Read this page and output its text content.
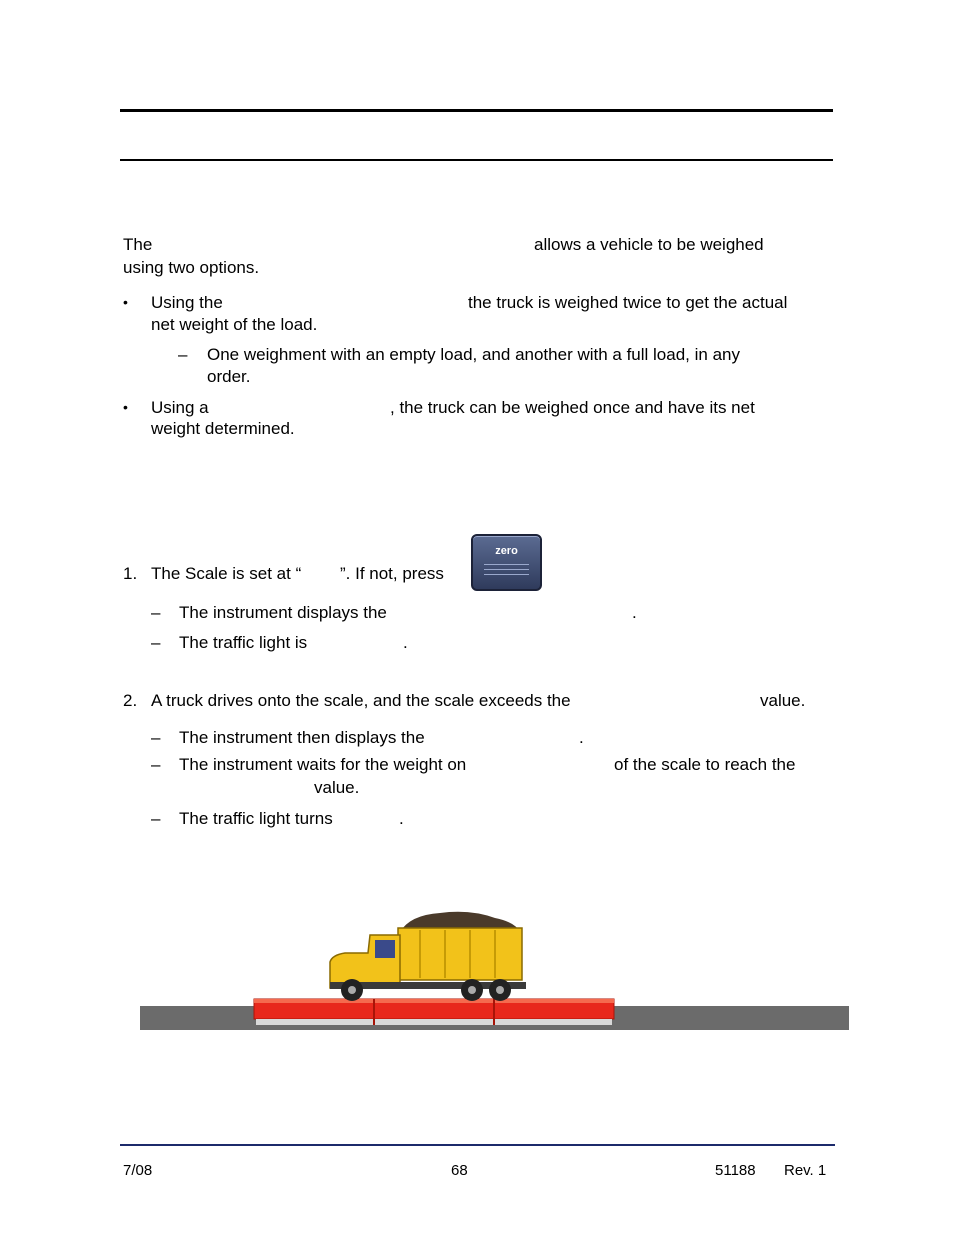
The	allows a vehicle to be weighed
using two options.
• Using the	the truck is weighed twice to get the actual
net weight of the load.
– One weighment with an empty load, and another with a full load, in any
order.
• Using a	, the truck can be weighed once and have its net
weight determined.
1. The Scale is set at “ ”. If not, press
zero
– The instrument displays the	.
– The traffic light is	.
2. A truck drives onto the scale, and the scale exceeds the	value.
– The instrument then displays the	.
– The instrument waits for the weight on	of the scale to reach the
value.
– The traffic light turns	.
7/08	68	51188 Rev. 1
